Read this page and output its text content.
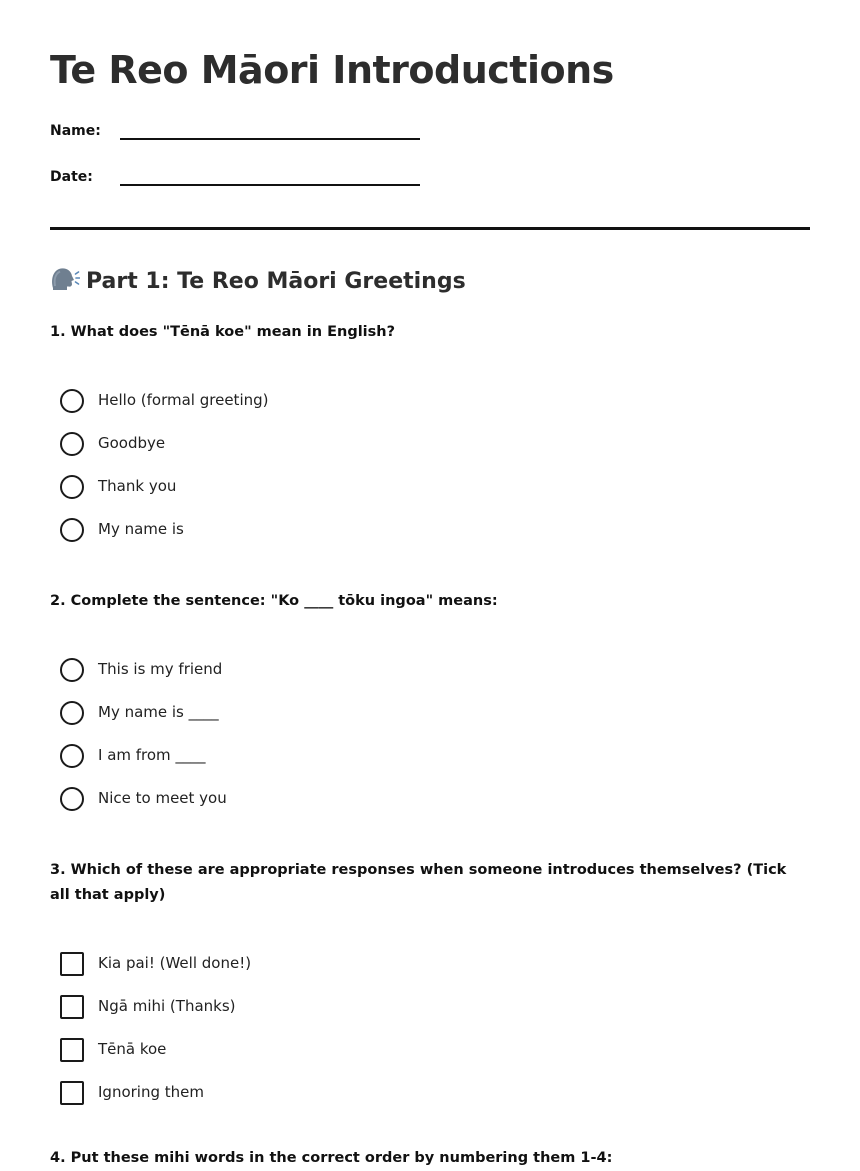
Te Reo Māori Introductions
Name:
Date:
Part 1: Te Reo Māori Greetings
1. What does "Tēnā koe" mean in English?
Hello (formal greeting)
Goodbye
Thank you
My name is
2. Complete the sentence: "Ko ____ tōku ingoa" means:
This is my friend
My name is ____
I am from ____
Nice to meet you
3. Which of these are appropriate responses when someone introduces themselves? (Tick all that apply)
Kia pai! (Well done!)
Ngā mihi (Thanks)
Tēnā koe
Ignoring them
4. Put these mihi words in the correct order by numbering them 1-4:
